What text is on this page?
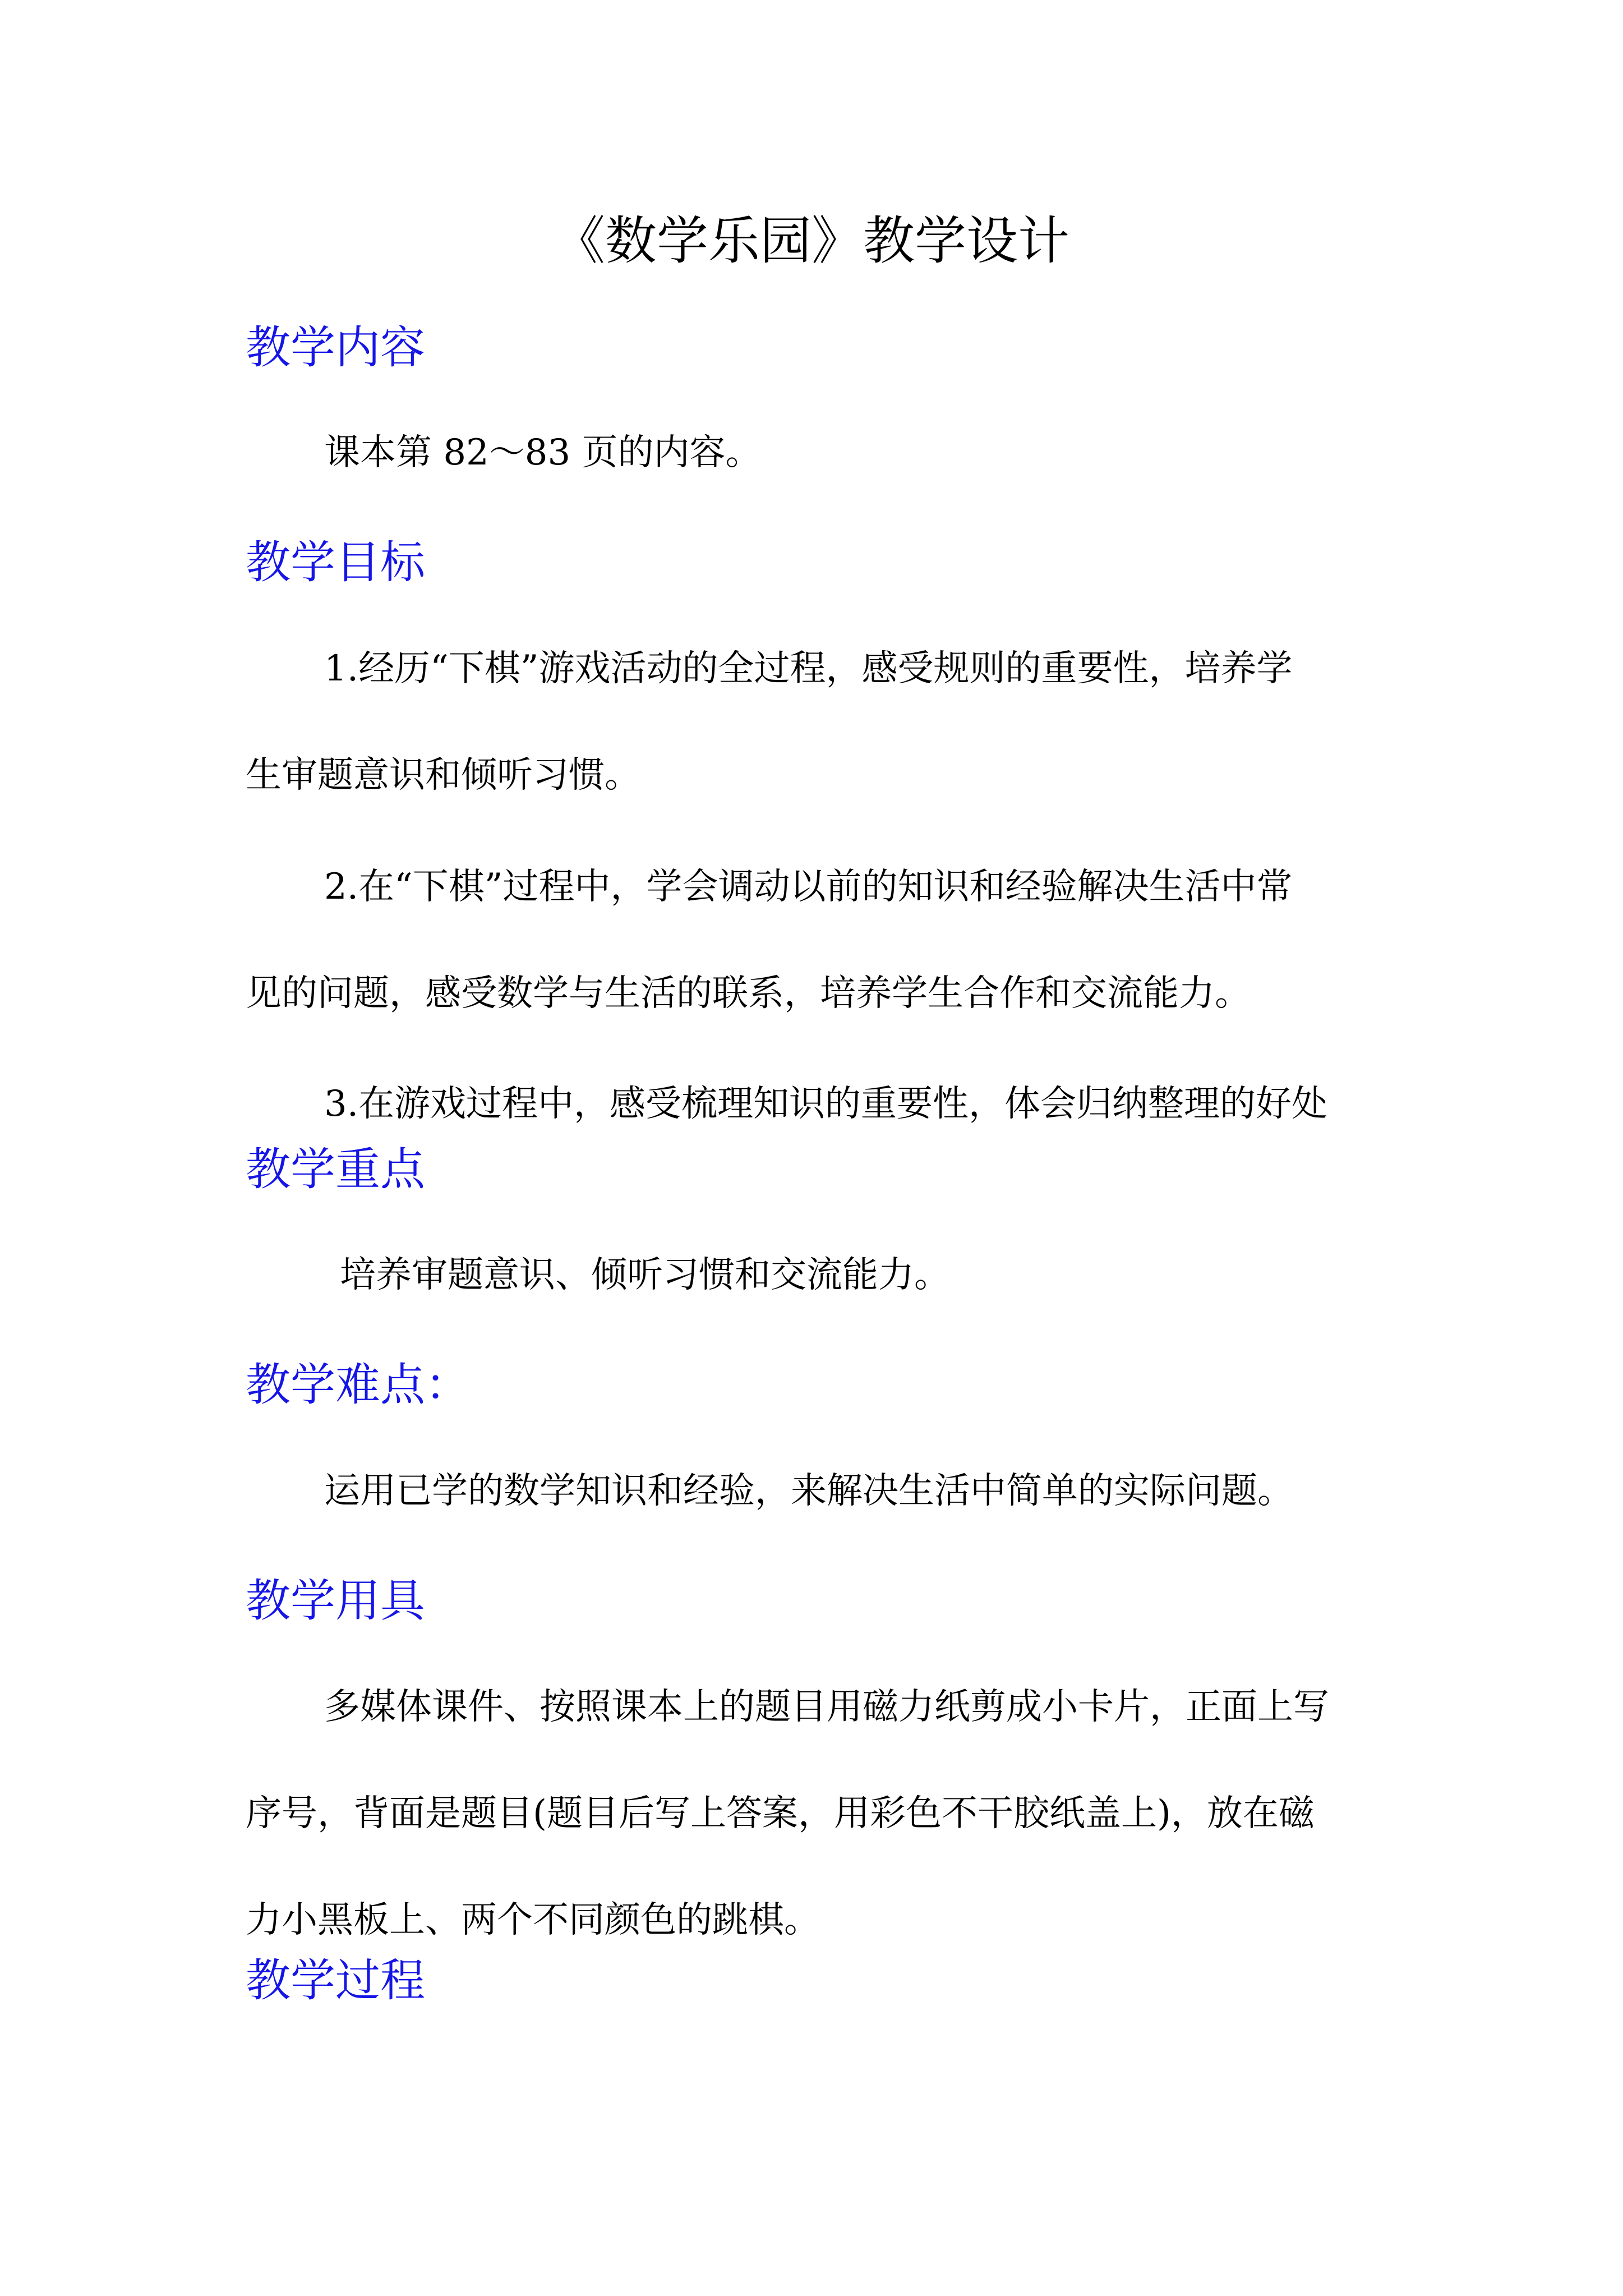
《数学乐园》教学设计
教学内容
课本第 82～83 页的内容。
教学目标
1.经历“下棋”游戏活动的全过程，感受规则的重要性，培养学
生审题意识和倾听习惯。
2.在“下棋”过程中，学会调动以前的知识和经验解决生活中常
见的问题，感受数学与生活的联系，培养学生合作和交流能力。
3.在游戏过程中，感受梳理知识的重要性，体会归纳整理的好处
教学重点
培养审题意识、倾听习惯和交流能力。
教学难点：
运用已学的数学知识和经验，来解决生活中简单的实际问题。
教学用具
多媒体课件、按照课本上的题目用磁力纸剪成小卡片，正面上写
序号，背面是题目(题目后写上答案，用彩色不干胶纸盖上)，放在磁
力小黑板上、两个不同颜色的跳棋。
教学过程
